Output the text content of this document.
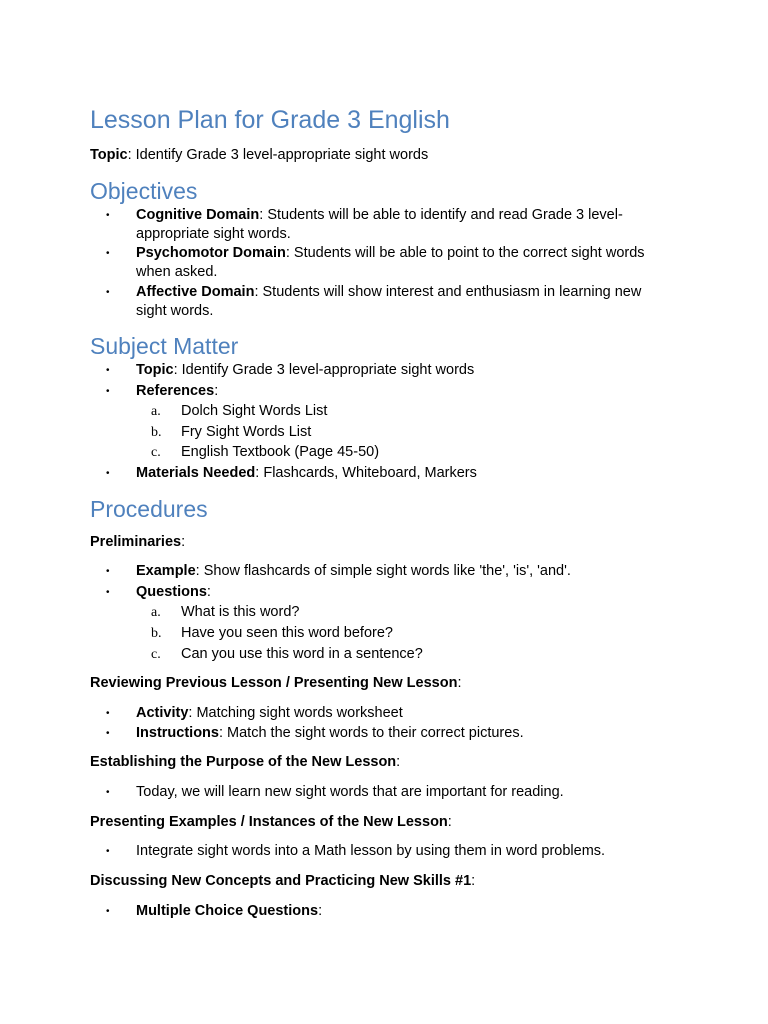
Lesson Plan for Grade 3 English
Topic: Identify Grade 3 level-appropriate sight words
Objectives
• Cognitive Domain: Students will be able to identify and read Grade 3 level-
appropriate sight words.
• Psychomotor Domain: Students will be able to point to the correct sight words
when asked.
• Affective Domain: Students will show interest and enthusiasm in learning new
sight words.
Subject Matter
• Topic: Identify Grade 3 level-appropriate sight words
• References:
a. Dolch Sight Words List
b. Fry Sight Words List
c. English Textbook (Page 45-50)
• Materials Needed: Flashcards, Whiteboard, Markers
Procedures
Preliminaries:
• Example: Show flashcards of simple sight words like 'the', 'is', 'and'.
• Questions:
a. What is this word?
b. Have you seen this word before?
c. Can you use this word in a sentence?
Reviewing Previous Lesson / Presenting New Lesson:
• Activity: Matching sight words worksheet
• Instructions: Match the sight words to their correct pictures.
Establishing the Purpose of the New Lesson:
• Today, we will learn new sight words that are important for reading.
Presenting Examples / Instances of the New Lesson:
• Integrate sight words into a Math lesson by using them in word problems.
Discussing New Concepts and Practicing New Skills #1:
• Multiple Choice Questions:
